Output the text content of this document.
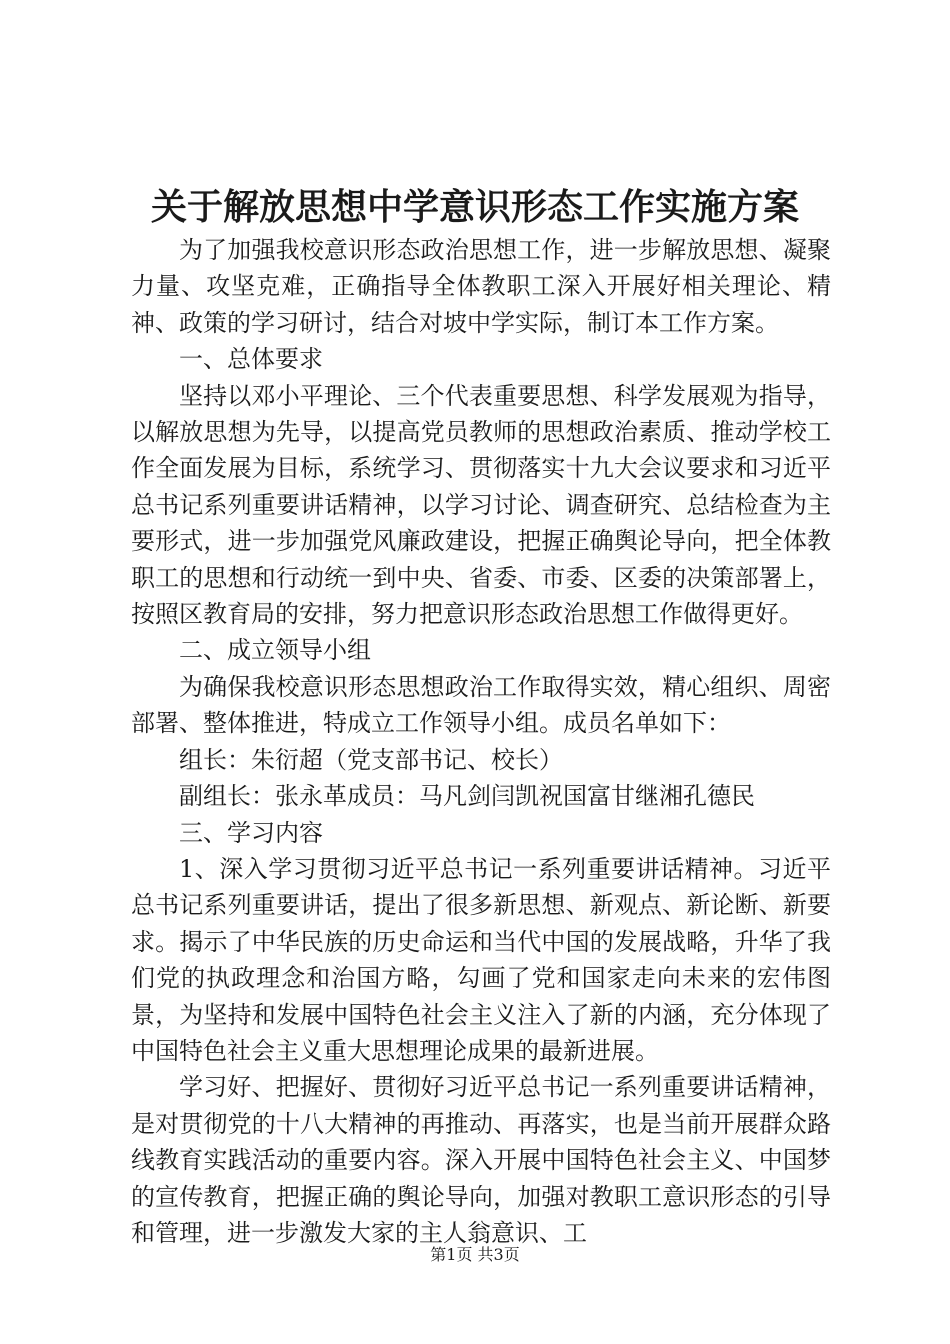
关于解放思想中学意识形态工作实施方案

为了加强我校意识形态政治思想工作，进一步解放思想、凝聚力量、攻坚克难，正确指导全体教职工深入开展好相关理论、精神、政策的学习研讨，结合对坡中学实际，制订本工作方案。

一、总体要求

坚持以邓小平理论、三个代表重要思想、科学发展观为指导，以解放思想为先导，以提高党员教师的思想政治素质、推动学校工作全面发展为目标，系统学习、贯彻落实十九大会议要求和习近平总书记系列重要讲话精神，以学习讨论、调查研究、总结检查为主要形式，进一步加强党风廉政建设，把握正确舆论导向，把全体教职工的思想和行动统一到中央、省委、市委、区委的决策部署上，按照区教育局的安排，努力把意识形态政治思想工作做得更好。

二、成立领导小组

为确保我校意识形态思想政治工作取得实效，精心组织、周密部署、整体推进，特成立工作领导小组。成员名单如下：

组长：朱衍超（党支部书记、校长）

副组长：张永革成员：马凡剑闫凯祝国富甘继湘孔德民

三、学习内容

1、深入学习贯彻习近平总书记一系列重要讲话精神。习近平总书记系列重要讲话，提出了很多新思想、新观点、新论断、新要求。揭示了中华民族的历史命运和当代中国的发展战略，升华了我们党的执政理念和治国方略，勾画了党和国家走向未来的宏伟图景，为坚持和发展中国特色社会主义注入了新的内涵，充分体现了中国特色社会主义重大思想理论成果的最新进展。

学习好、把握好、贯彻好习近平总书记一系列重要讲话精神，是对贯彻党的十八大精神的再推动、再落实，也是当前开展群众路线教育实践活动的重要内容。深入开展中国特色社会主义、中国梦的宣传教育，把握正确的舆论导向，加强对教职工意识形态的引导和管理，进一步激发大家的主人翁意识、工

第1页 共3页
